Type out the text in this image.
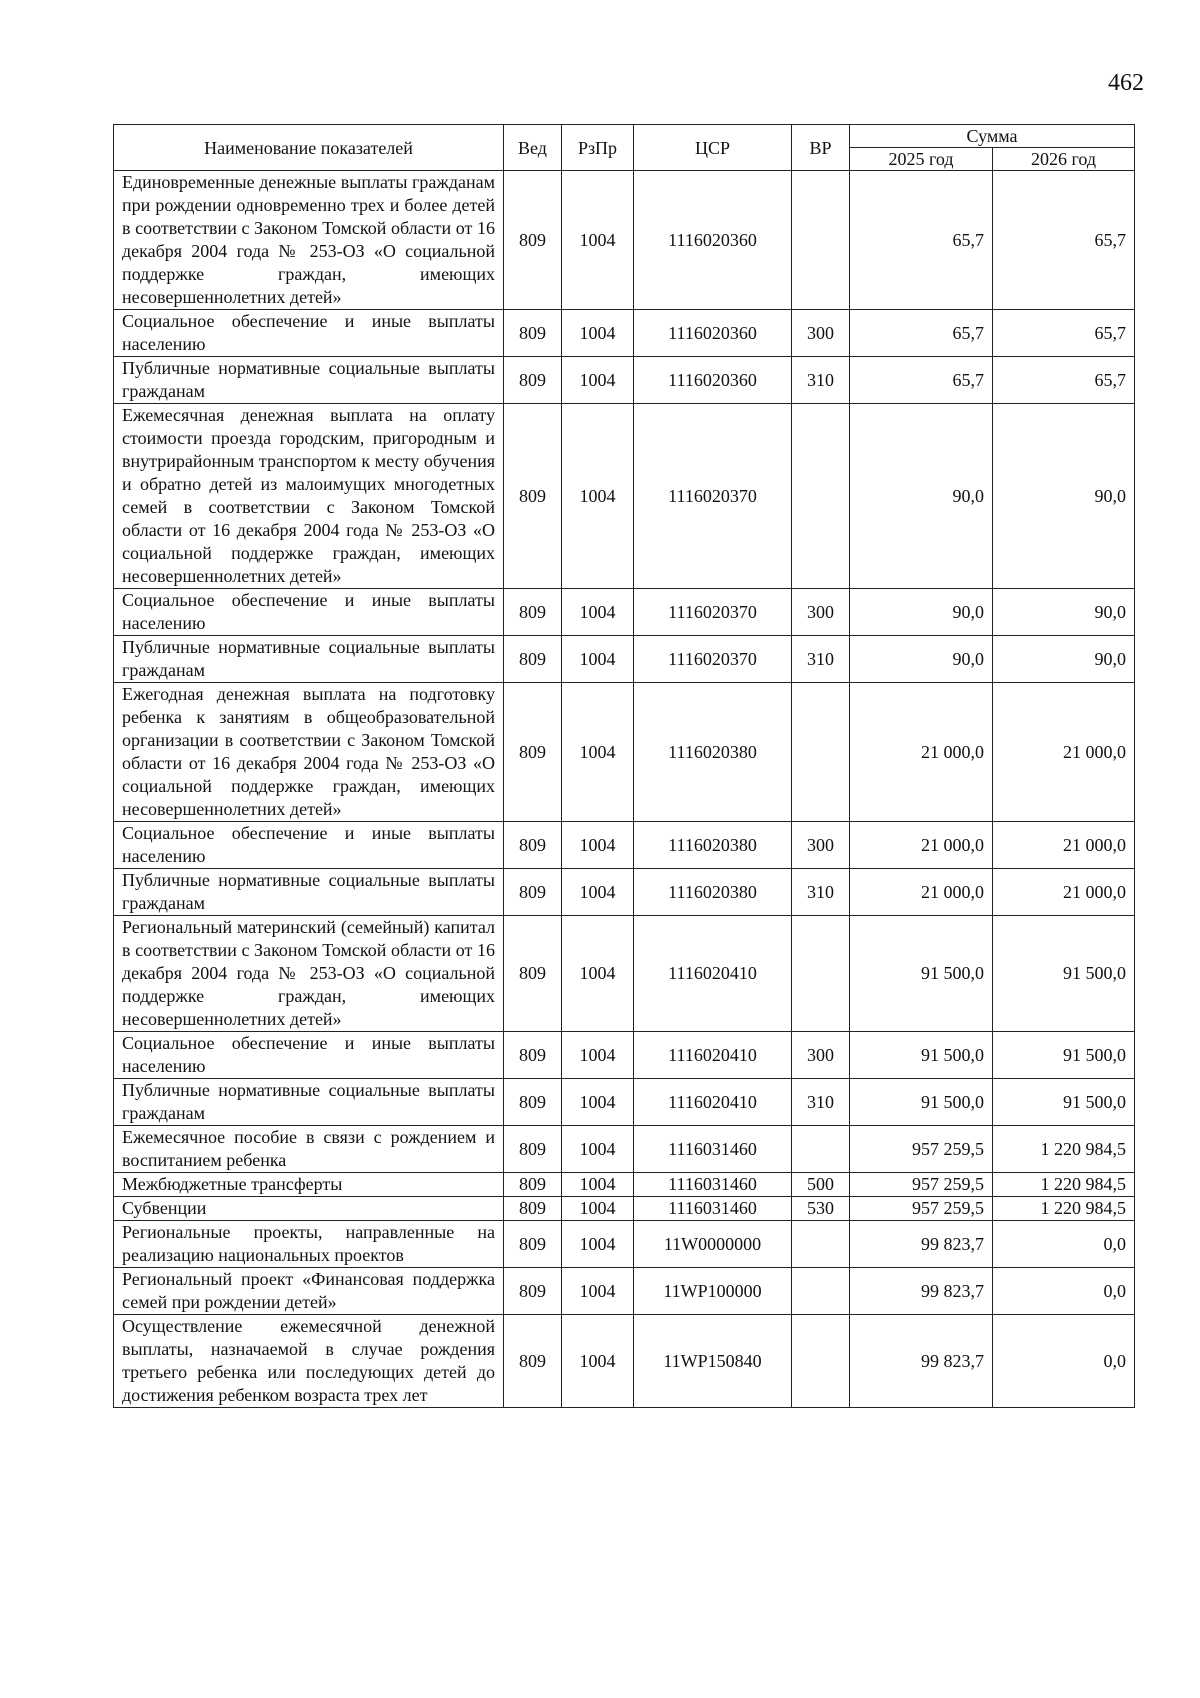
462
Наименование показателей	Вед	РзПр	ЦСР	ВР	Сумма	
					2025 год	2026 год
Единовременные денежные выплаты гражданам при рождении одновременно трех и более детей в соответствии с Законом Томской области от 16 декабря 2004 года № 253-ОЗ «О социальной поддержке граждан, имеющих несовершеннолетних детей»	809	1004	1116020360		65,7	65,7
Социальное обеспечение и иные выплаты населению	809	1004	1116020360	300	65,7	65,7
Публичные нормативные социальные выплаты гражданам	809	1004	1116020360	310	65,7	65,7
Ежемесячная денежная выплата на оплату стоимости проезда городским, пригородным и внутрирайонным транспортом к месту обучения и обратно детей из малоимущих многодетных семей в соответствии с Законом Томской области от 16 декабря 2004 года № 253-ОЗ «О социальной поддержке граждан, имеющих несовершеннолетних детей»	809	1004	1116020370		90,0	90,0
Социальное обеспечение и иные выплаты населению	809	1004	1116020370	300	90,0	90,0
Публичные нормативные социальные выплаты гражданам	809	1004	1116020370	310	90,0	90,0
Ежегодная денежная выплата на подготовку ребенка к занятиям в общеобразовательной организации в соответствии с Законом Томской области от 16 декабря 2004 года № 253-ОЗ «О социальной поддержке граждан, имеющих несовершеннолетних детей»	809	1004	1116020380		21 000,0	21 000,0
Социальное обеспечение и иные выплаты населению	809	1004	1116020380	300	21 000,0	21 000,0
Публичные нормативные социальные выплаты гражданам	809	1004	1116020380	310	21 000,0	21 000,0
Региональный материнский (семейный) капитал в соответствии с Законом Томской области от 16 декабря 2004 года № 253-ОЗ «О социальной поддержке граждан, имеющих несовершеннолетних детей»	809	1004	1116020410		91 500,0	91 500,0
Социальное обеспечение и иные выплаты населению	809	1004	1116020410	300	91 500,0	91 500,0
Публичные нормативные социальные выплаты гражданам	809	1004	1116020410	310	91 500,0	91 500,0
Ежемесячное пособие в связи с рождением и воспитанием ребенка	809	1004	1116031460		957 259,5	1 220 984,5
Межбюджетные трансферты	809	1004	1116031460	500	957 259,5	1 220 984,5
Субвенции	809	1004	1116031460	530	957 259,5	1 220 984,5
Региональные проекты, направленные на реализацию национальных проектов	809	1004	11W0000000		99 823,7	0,0
Региональный проект «Финансовая поддержка семей при рождении детей»	809	1004	11WP100000		99 823,7	0,0
Осуществление ежемесячной денежной выплаты, назначаемой в случае рождения третьего ребенка или последующих детей до достижения ребенком возраста трех лет	809	1004	11WP150840		99 823,7	0,0
